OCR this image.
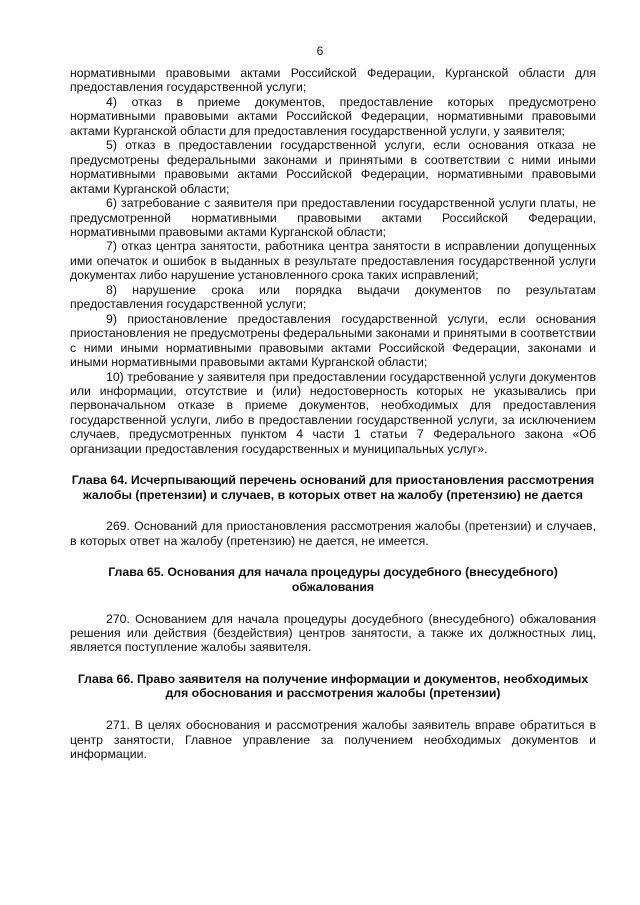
6

нормативными правовыми актами Российской Федерации, Курганской области для предоставления государственной услуги;

4) отказ в приеме документов, предоставление которых предусмотрено нормативными правовыми актами Российской Федерации, нормативными правовыми актами Курганской области для предоставления государственной услуги, у заявителя;

5) отказ в предоставлении государственной услуги, если основания отказа не предусмотрены федеральными законами и принятыми в соответствии с ними иными нормативными правовыми актами Российской Федерации, нормативными правовыми актами Курганской области;

6) затребование с заявителя при предоставлении государственной услуги платы, не предусмотренной нормативными правовыми актами Российской Федерации, нормативными правовыми актами Курганской области;

7) отказ центра занятости, работника центра занятости в исправлении допущенных ими опечаток и ошибок в выданных в результате предоставления государственной услуги документах либо нарушение установленного срока таких исправлений;

8) нарушение срока или порядка выдачи документов по результатам предоставления государственной услуги;

9) приостановление предоставления государственной услуги, если основания приостановления не предусмотрены федеральными законами и принятыми в соответствии с ними иными нормативными правовыми актами Российской Федерации, законами и иными нормативными правовыми актами Курганской области;

10) требование у заявителя при предоставлении государственной услуги документов или информации, отсутствие и (или) недостоверность которых не указывались при первоначальном отказе в приеме документов, необходимых для предоставления государственной услуги, либо в предоставлении государственной услуги, за исключением случаев, предусмотренных пунктом 4 части 1 статьи 7 Федерального закона «Об организации предоставления государственных и муниципальных услуг».

Глава 64. Исчерпывающий перечень оснований для приостановления рассмотрения жалобы (претензии) и случаев, в которых ответ на жалобу (претензию) не дается

269. Оснований для приостановления рассмотрения жалобы (претензии) и случаев, в которых ответ на жалобу (претензию) не дается, не имеется.

Глава 65. Основания для начала процедуры досудебного (внесудебного) обжалования

270. Основанием для начала процедуры досудебного (внесудебного) обжалования решения или действия (бездействия) центров занятости, а также их должностных лиц, является поступление жалобы заявителя.

Глава 66. Право заявителя на получение информации и документов, необходимых для обоснования и рассмотрения жалобы (претензии)

271. В целях обоснования и рассмотрения жалобы заявитель вправе обратиться в центр занятости, Главное управление за получением необходимых документов и информации.
